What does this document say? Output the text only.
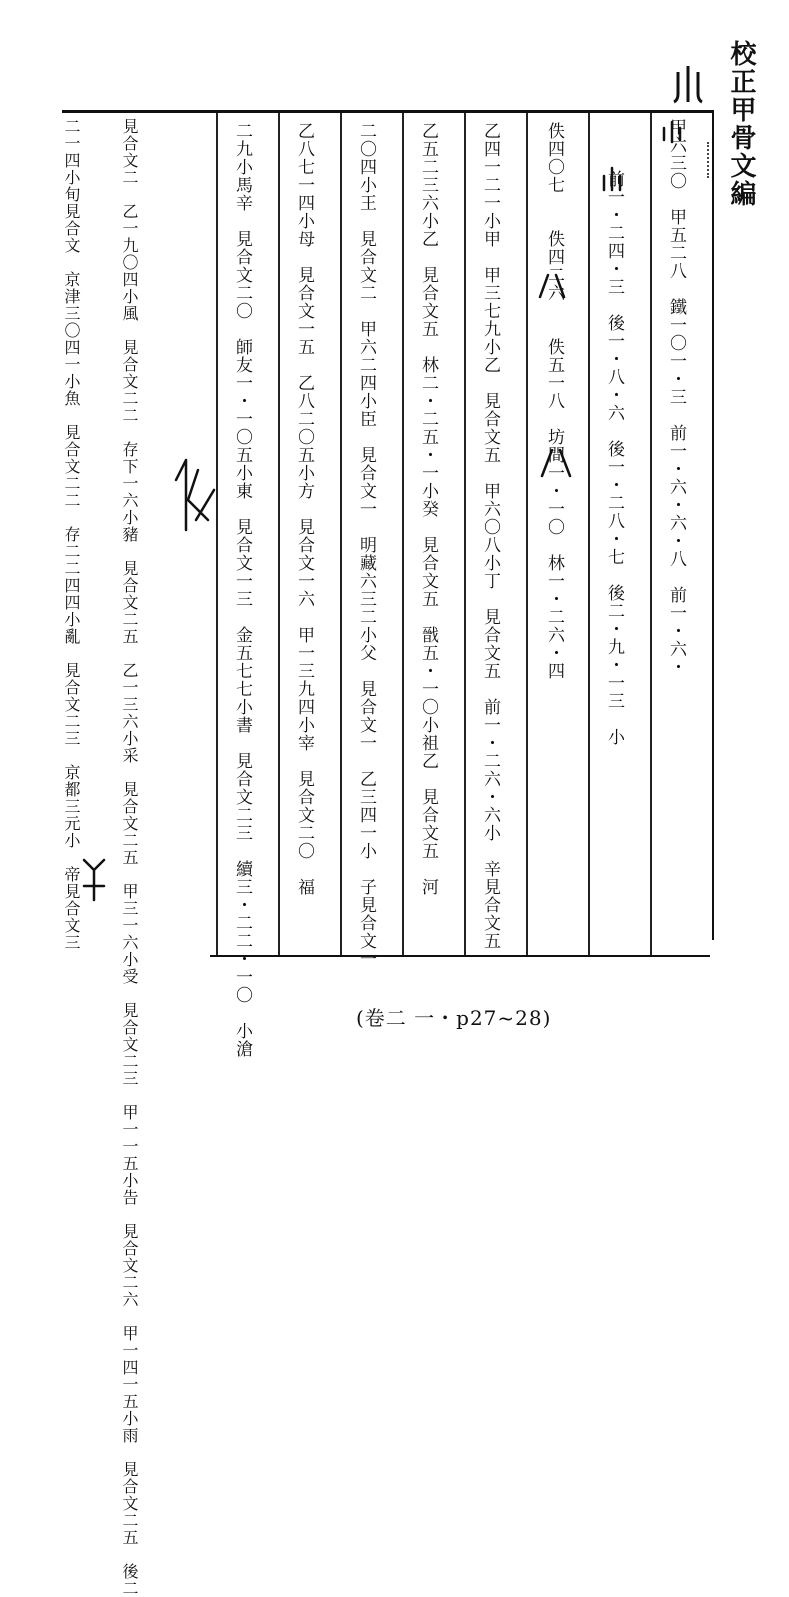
校正甲骨文編
甲六三〇　甲五二八　鐵一〇一・三　前一・六・六・八　前一・六・
前一・二四・三　後一・八・六　後一・二八・七　後二・九・一三　小
佚四〇七　　佚四二六　　佚五一八　坊間一・一〇　林一・二六・四
乙四一二一小甲　甲三七九小乙　見合文五　甲六〇八小丁　見合文五　前一・二六・六小　辛見合文五
乙五二三六小乙　見合文五　林二・二五・一小癸　見合文五　戩五・一〇小祖乙　見合文五　河
二〇四小王　見合文二　甲六二四小臣　見合文一　明藏六三二小父　見合文一　乙三四一小　子見合文一
乙八七一四小母　見合文一五　乙八二〇五小方　見合文一六　甲一三九四小宰　見合文二〇　福
二九小馬辛　見合文二〇　師友一・一〇五小東　見合文一三　金五七七小書　見合文二三　續三・二二・一〇　小滄
見合文二　乙一九〇四小風　見合文二二　存下一六小豬　見合文二五　乙一三六小采　見合文二五　甲三一六小受　見合文二三　甲一一五小告　見合文二六　甲一四一五小雨　見合文二五　後二
二一四小旬見合文　京津三〇四一小魚　見合文二二　存二二四四小亂　見合文二三　京都三元小　帝見合文三
(卷二 一・p27~28)
